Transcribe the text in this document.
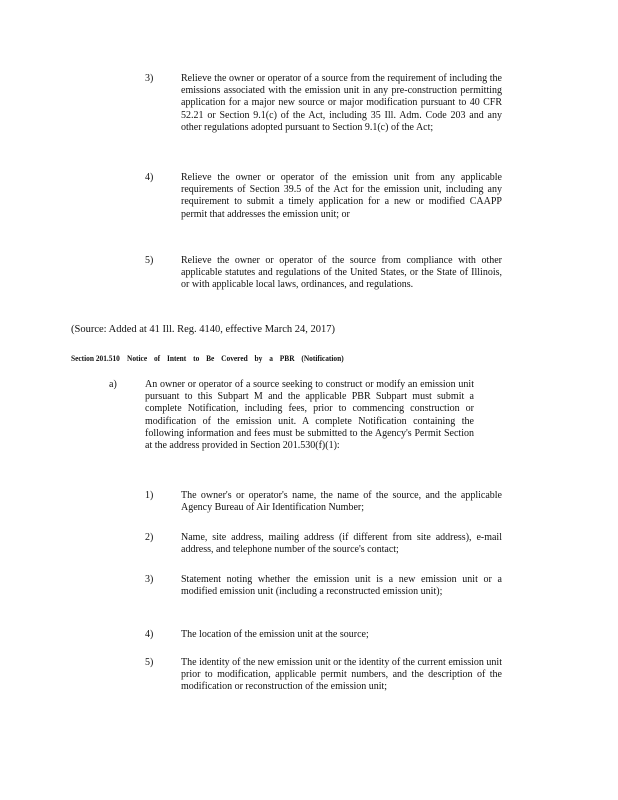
3)	Relieve the owner or operator of a source from the requirement of including the emissions associated with the emission unit in any pre-construction permitting application for a major new source or major modification pursuant to 40 CFR 52.21 or Section 9.1(c) of the Act, including 35 Ill. Adm. Code 203 and any other regulations adopted pursuant to Section 9.1(c) of the Act;
4)	Relieve the owner or operator of the emission unit from any applicable requirements of Section 39.5 of the Act for the emission unit, including any requirement to submit a timely application for a new or modified CAAPP permit that addresses the emission unit; or
5)	Relieve the owner or operator of the source from compliance with other applicable statutes and regulations of the United States, or the State of Illinois, or with applicable local laws, ordinances, and regulations.
(Source: Added at 41 Ill. Reg. 4140, effective March 24, 2017)
Section 201.510 Notice of Intent to Be Covered by a PBR (Notification)
a)	An owner or operator of a source seeking to construct or modify an emission unit pursuant to this Subpart M and the applicable PBR Subpart must submit a complete Notification, including fees, prior to commencing construction or modification of the emission unit. A complete Notification containing the following information and fees must be submitted to the Agency's Permit Section at the address provided in Section 201.530(f)(1):
1)	The owner's or operator's name, the name of the source, and the applicable Agency Bureau of Air Identification Number;
2)	Name, site address, mailing address (if different from site address), e-mail address, and telephone number of the source's contact;
3)	Statement noting whether the emission unit is a new emission unit or a modified emission unit (including a reconstructed emission unit);
4)	The location of the emission unit at the source;
5)	The identity of the new emission unit or the identity of the current emission unit prior to modification, applicable permit numbers, and the description of the modification or reconstruction of the emission unit;
